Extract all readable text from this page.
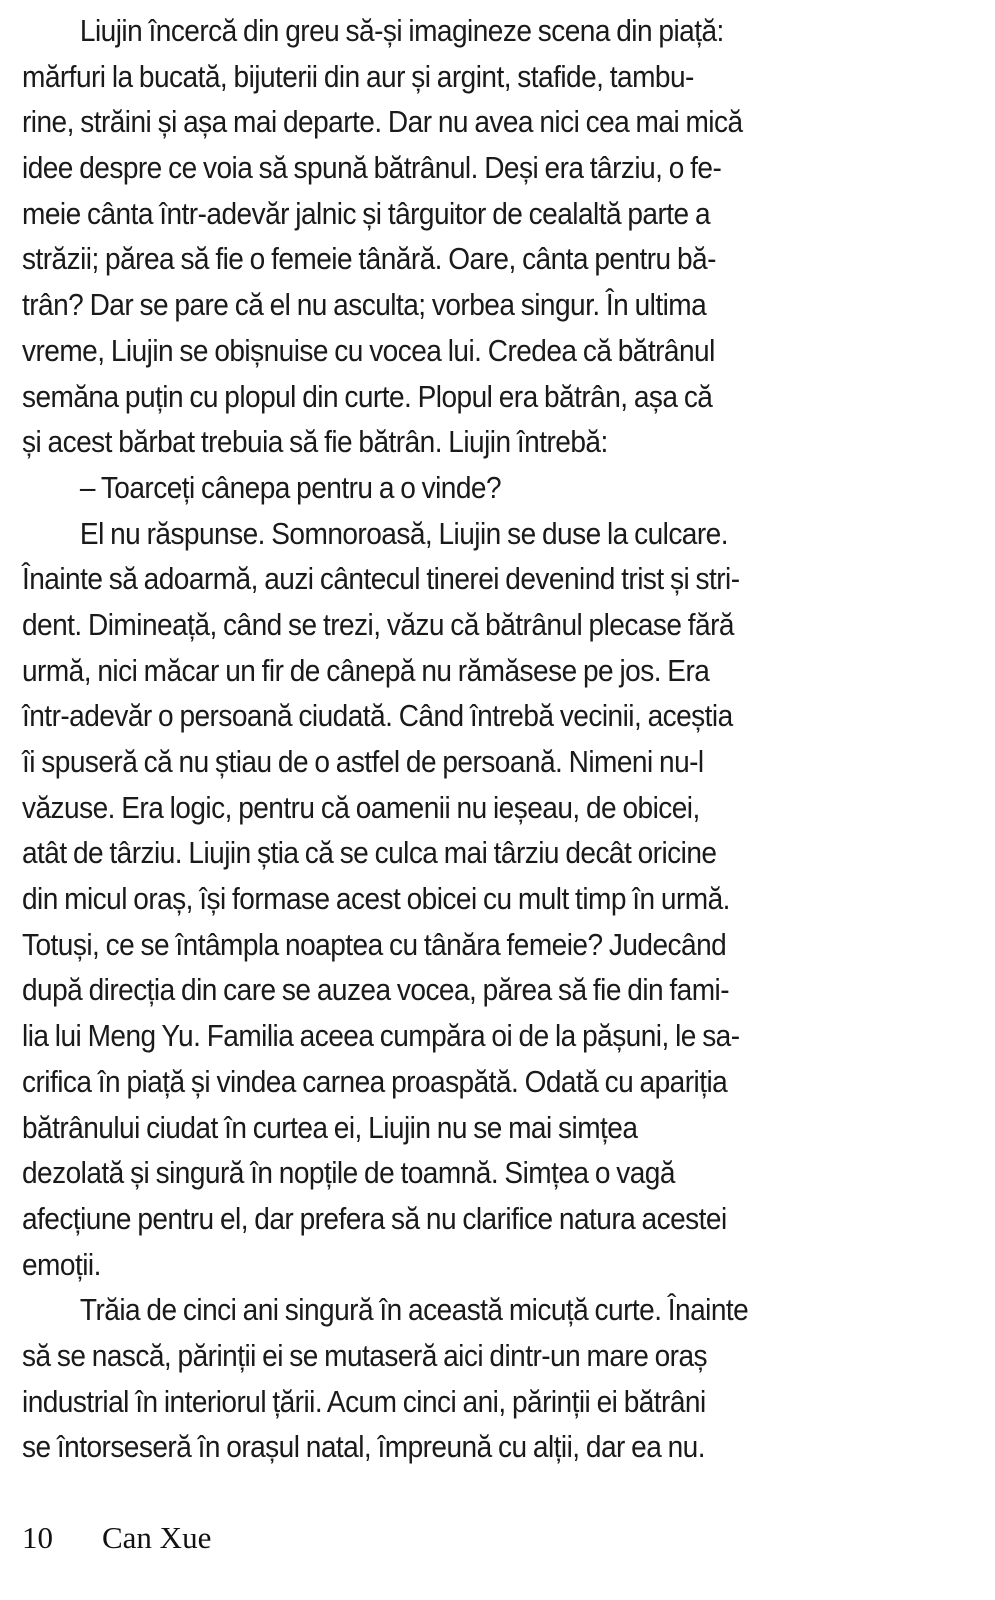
Liujin încercă din greu să-și imagineze scena din piață:
mărfuri la bucată, bijuterii din aur și argint, stafide, tambu-
rine, străini și așa mai departe. Dar nu avea nici cea mai mică
idee despre ce voia să spună bătrânul. Deși era târziu, o fe-
meie cânta într-adevăr jalnic și târguitor de cealaltă parte a
străzii; părea să fie o femeie tânără. Oare, cânta pentru bă-
trân? Dar se pare că el nu asculta; vorbea singur. În ultima
vreme, Liujin se obișnuise cu vocea lui. Credea că bătrânul
semăna puțin cu plopul din curte. Plopul era bătrân, așa că
și acest bărbat trebuia să fie bătrân. Liujin întrebă:
– Toarceți cânepa pentru a o vinde?
El nu răspunse. Somnoroasă, Liujin se duse la culcare.
Înainte să adoarmă, auzi cântecul tinerei devenind trist și stri-
dent. Dimineață, când se trezi, văzu că bătrânul plecase fără
urmă, nici măcar un fir de cânepă nu rămăsese pe jos. Era
într-adevăr o persoană ciudată. Când întrebă vecinii, aceștia
îi spuseră că nu știau de o astfel de persoană. Nimeni nu-l
văzuse. Era logic, pentru că oamenii nu ieșeau, de obicei,
atât de târziu. Liujin știa că se culca mai târziu decât oricine
din micul oraș, își formase acest obicei cu mult timp în urmă.
Totuși, ce se întâmpla noaptea cu tânăra femeie? Judecând
după direcția din care se auzea vocea, părea să fie din fami-
lia lui Meng Yu. Familia aceea cumpăra oi de la pășuni, le sa-
crifica în piață și vindea carnea proaspătă. Odată cu apariția
bătrânului ciudat în curtea ei, Liujin nu se mai simțea
dezolată și singură în nopțile de toamnă. Simțea o vagă
afecțiune pentru el, dar prefera să nu clarifice natura acestei
emoții.
Trăia de cinci ani singură în această micuță curte. Înainte
să se nască, părinții ei se mutaseră aici dintr-un mare oraș
industrial în interiorul țării. Acum cinci ani, părinții ei bătrâni
se întorseseră în orașul natal, împreună cu alții, dar ea nu.
10 Can Xue
